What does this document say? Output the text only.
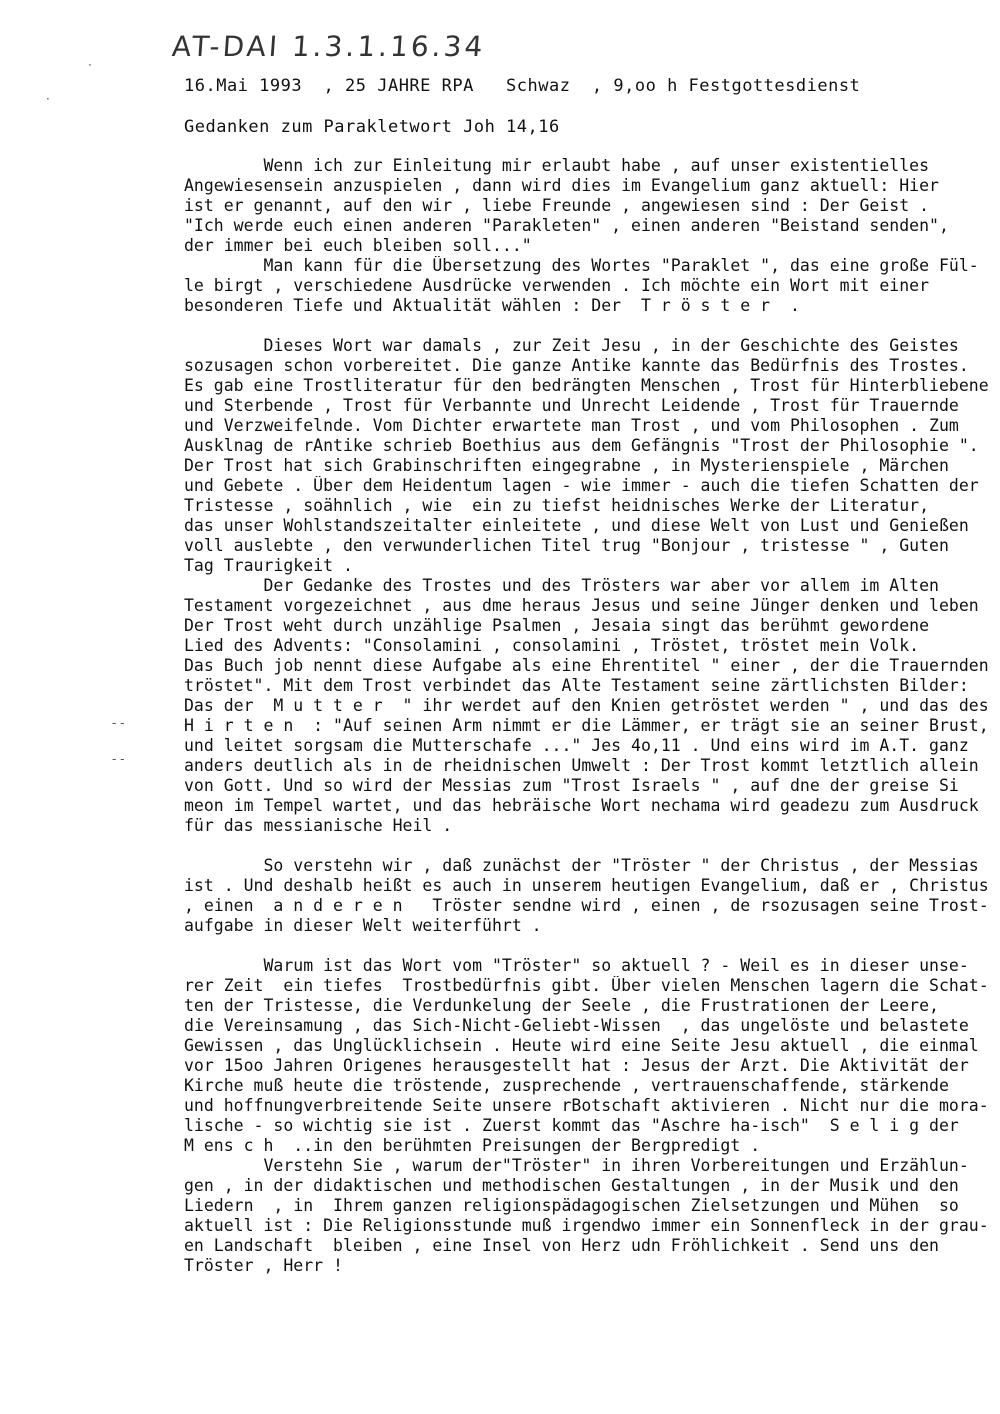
·
·
- -
- -
AT-DAI 1.3.1.16.34
16.Mai 1993  , 25 JAHRE RPA   Schwaz  , 9,oo h Festgottesdienst
Gedanken zum Parakletwort Joh 14,16
Wenn ich zur Einleitung mir erlaubt habe , auf unser existentielles
Angewiesensein anzuspielen , dann wird dies im Evangelium ganz aktuell: Hier
ist er genannt, auf den wir , liebe Freunde , angewiesen sind : Der Geist .
"Ich werde euch einen anderen "Parakleten" , einen anderen "Beistand senden",
der immer bei euch bleiben soll..."
Man kann für die Übersetzung des Wortes "Paraklet ", das eine große Fül-
le birgt , verschiedene Ausdrücke verwenden . Ich möchte ein Wort mit einer
besonderen Tiefe und Aktualität wählen : Der  T r ö s t e r  .
Dieses Wort war damals , zur Zeit Jesu , in der Geschichte des Geistes
sozusagen schon vorbereitet. Die ganze Antike kannte das Bedürfnis des Trostes.
Es gab eine Trostliteratur für den bedrängten Menschen , Trost für Hinterbliebene
und Sterbende , Trost für Verbannte und Unrecht Leidende , Trost für Trauernde
und Verzweifelnde. Vom Dichter erwartete man Trost , und vom Philosophen . Zum
Ausklnag de rAntike schrieb Boethius aus dem Gefängnis "Trost der Philosophie ".
Der Trost hat sich Grabinschriften eingegrabne , in Mysterienspiele , Märchen
und Gebete . Über dem Heidentum lagen - wie immer - auch die tiefen Schatten der
Tristesse , soähnlich , wie  ein zu tiefst heidnisches Werke der Literatur,
das unser Wohlstandszeitalter einleitete , und diese Welt von Lust und Genießen
voll auslebte , den verwunderlichen Titel trug "Bonjour , tristesse " , Guten
Tag Traurigkeit .
Der Gedanke des Trostes und des Trösters war aber vor allem im Alten
Testament vorgezeichnet , aus dme heraus Jesus und seine Jünger denken und leben
Der Trost weht durch unzählige Psalmen , Jesaia singt das berühmt gewordene
Lied des Advents: "Consolamini , consolamini , Tröstet, tröstet mein Volk.
Das Buch job nennt diese Aufgabe als eine Ehrentitel " einer , der die Trauernden
tröstet". Mit dem Trost verbindet das Alte Testament seine zärtlichsten Bilder:
Das der  M u t t e r  " ihr werdet auf den Knien getröstet werden " , und das des
H i r t e n  : "Auf seinen Arm nimmt er die Lämmer, er trägt sie an seiner Brust,
und leitet sorgsam die Mutterschafe ..." Jes 4o,11 . Und eins wird im A.T. ganz
anders deutlich als in de rheidnischen Umwelt : Der Trost kommt letztlich allein
von Gott. Und so wird der Messias zum "Trost Israels " , auf dne der greise Si
meon im Tempel wartet, und das hebräische Wort nechama wird geadezu zum Ausdruck
für das messianische Heil .
So verstehn wir , daß zunächst der "Tröster " der Christus , der Messias
ist . Und deshalb heißt es auch in unserem heutigen Evangelium, daß er , Christus
, einen  a n d e r e n   Tröster sendne wird , einen , de rsozusagen seine Trost-
aufgabe in dieser Welt weiterführt .
Warum ist das Wort vom "Tröster" so aktuell ? - Weil es in dieser unse-
rer Zeit  ein tiefes  Trostbedürfnis gibt. Über vielen Menschen lagern die Schat-
ten der Tristesse, die Verdunkelung der Seele , die Frustrationen der Leere,
die Vereinsamung , das Sich-Nicht-Geliebt-Wissen  , das ungelöste und belastete
Gewissen , das Unglücklichsein . Heute wird eine Seite Jesu aktuell , die einmal
vor 15oo Jahren Origenes herausgestellt hat : Jesus der Arzt. Die Aktivität der
Kirche muß heute die tröstende, zusprechende , vertrauenschaffende, stärkende
und hoffnungverbreitende Seite unsere rBotschaft aktivieren . Nicht nur die mora-
lische - so wichtig sie ist . Zuerst kommt das "Aschre ha-isch"  S e l i g der
M ens c h  ..in den berühmten Preisungen der Bergpredigt .
Verstehn Sie , warum der"Tröster" in ihren Vorbereitungen und Erzählun-
gen , in der didaktischen und methodischen Gestaltungen , in der Musik und den
Liedern  , in  Ihrem ganzen religionspädagogischen Zielsetzungen und Mühen  so
aktuell ist : Die Religionsstunde muß irgendwo immer ein Sonnenfleck in der grau-
en Landschaft  bleiben , eine Insel von Herz udn Fröhlichkeit . Send uns den
Tröster , Herr !
